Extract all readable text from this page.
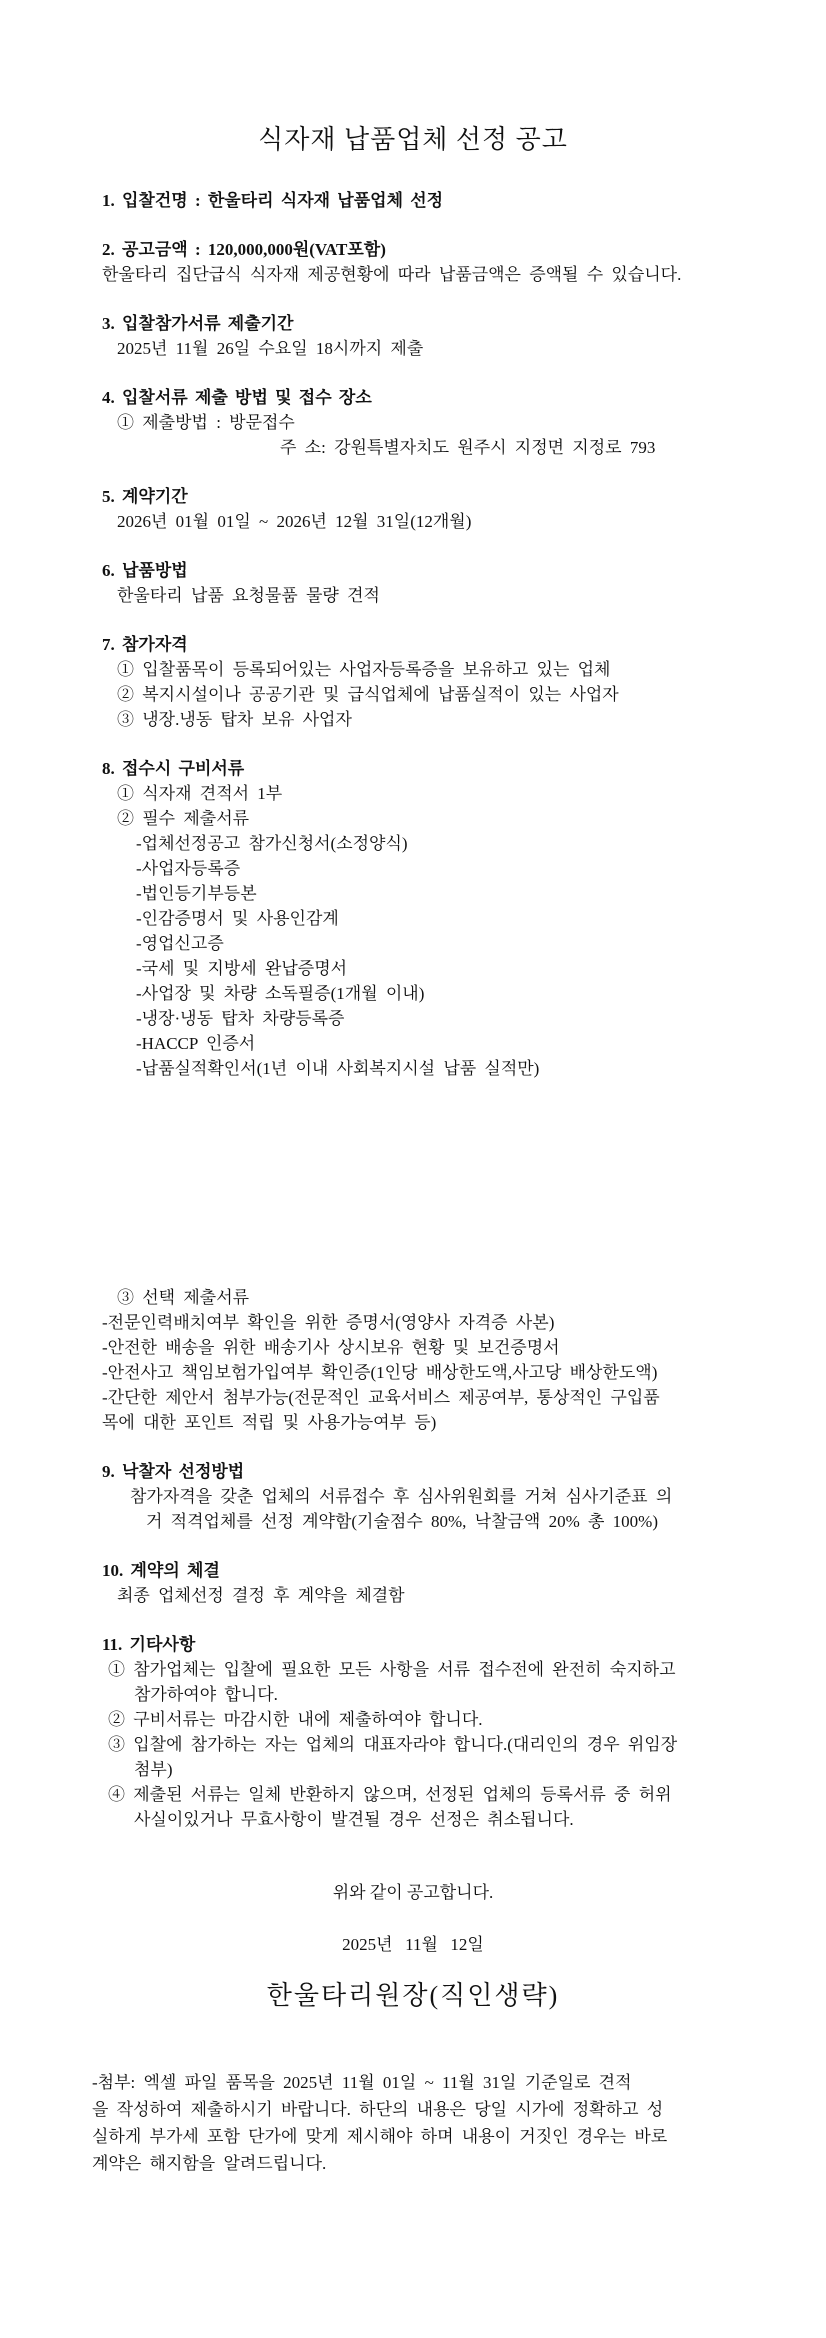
식자재 납품업체 선정 공고
1. 입찰건명 : 한울타리 식자재 납품업체 선정
2. 공고금액 : 120,000,000원(VAT포함)
한울타리 집단급식 식자재 제공현황에 따라 납품금액은 증액될 수 있습니다.
3. 입찰참가서류 제출기간
2025년 11월 26일 수요일 18시까지 제출
4. 입찰서류 제출 방법 및 접수 장소
① 제출방법 : 방문접수
주 소: 강원특별자치도 원주시 지정면 지정로 793
5. 계약기간
2026년 01월 01일 ~ 2026년 12월 31일(12개월)
6. 납품방법
한울타리 납품 요청물품 물량 견적
7. 참가자격
① 입찰품목이 등록되어있는 사업자등록증을 보유하고 있는 업체
② 복지시설이나 공공기관 및 급식업체에 납품실적이 있는 사업자
③ 냉장.냉동 탑차 보유 사업자
8. 접수시 구비서류
① 식자재 견적서 1부
② 필수 제출서류
-업체선정공고 참가신청서(소정양식)
-사업자등록증
-법인등기부등본
-인감증명서 및 사용인감계
-영업신고증
-국세 및 지방세 완납증명서
-사업장 및 차량 소독필증(1개월 이내)
-냉장·냉동 탑차 차량등록증
-HACCP 인증서
-납품실적확인서(1년 이내 사회복지시설 납품 실적만)
③ 선택 제출서류
-전문인력배치여부 확인을 위한 증명서(영양사 자격증 사본)
-안전한 배송을 위한 배송기사 상시보유 현황 및 보건증명서
-안전사고 책임보험가입여부 확인증(1인당 배상한도액,사고당 배상한도액)
-간단한 제안서 첨부가능(전문적인 교육서비스 제공여부, 통상적인 구입품
목에 대한 포인트 적립 및 사용가능여부 등)
9. 낙찰자 선정방법
참가자격을 갖춘 업체의 서류접수 후 심사위원회를 거쳐 심사기준표 의
거 적격업체를 선정 계약함(기술점수 80%, 낙찰금액 20% 총 100%)
10. 계약의 체결
최종 업체선정 결정 후 계약을 체결함
11. 기타사항
① 참가업체는 입찰에 필요한 모든 사항을 서류 접수전에 완전히 숙지하고
참가하여야 합니다.
② 구비서류는 마감시한 내에 제출하여야 합니다.
③ 입찰에 참가하는 자는 업체의 대표자라야 합니다.(대리인의 경우 위임장
첨부)
④ 제출된 서류는 일체 반환하지 않으며, 선정된 업체의 등록서류 중 허위
사실이있거나 무효사항이 발견될 경우 선정은 취소됩니다.
위와 같이 공고합니다.
2025년  11월  12일
한울타리원장(직인생략)
-첨부: 엑셀 파일 품목을 2025년 11월 01일 ~ 11월 31일 기준일로 견적
을 작성하여 제출하시기 바랍니다. 하단의 내용은 당일 시가에 정확하고 성
실하게 부가세 포함 단가에 맞게 제시해야 하며 내용이 거짓인 경우는 바로
계약은 해지함을 알려드립니다.
